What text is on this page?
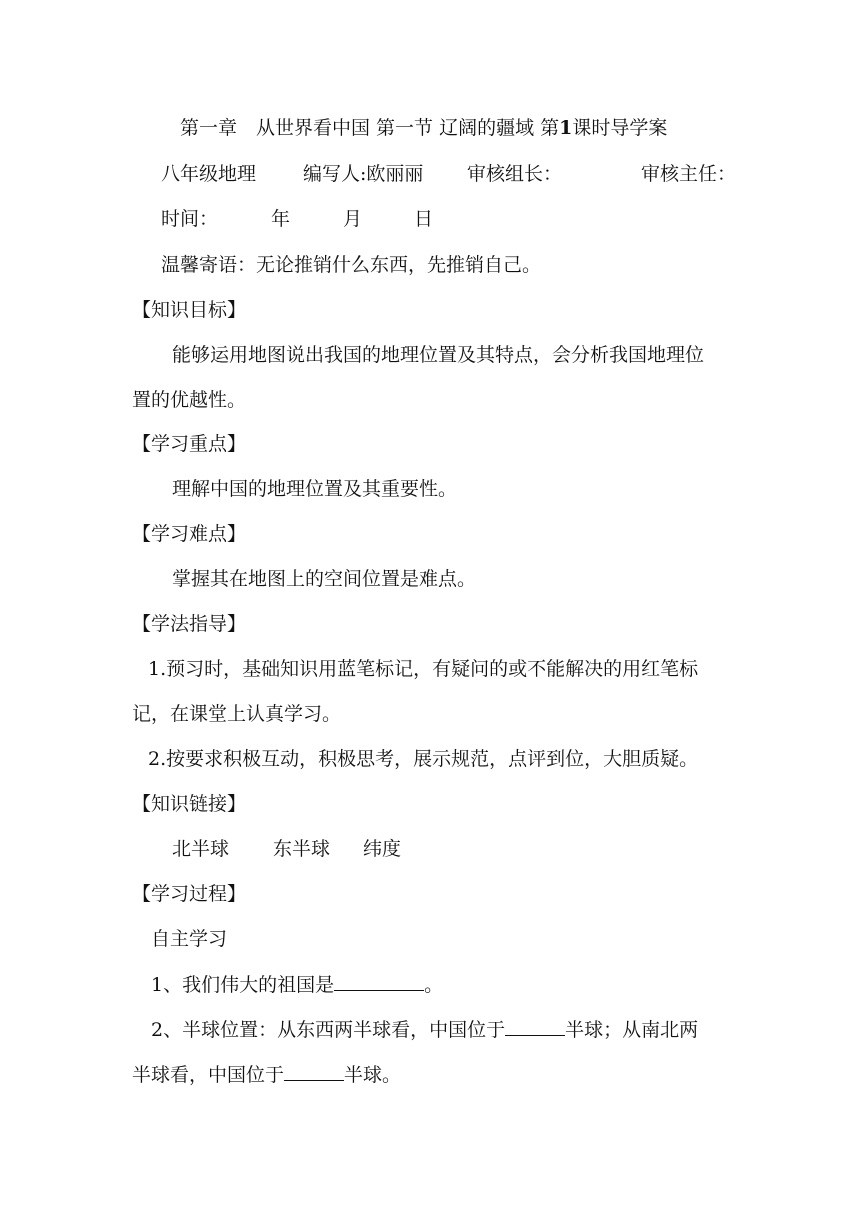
第一章　从世界看中国 第一节 辽阔的疆域 第1课时导学案
八年级地理 编写人:欧丽丽 审核组长：	审核主任：
时间：	年	月	日
温馨寄语：无论推销什么东西，先推销自己。
【知识目标】
能够运用地图说出我国的地理位置及其特点，会分析我国地理位
置的优越性。
【学习重点】
理解中国的地理位置及其重要性。
【学习难点】
掌握其在地图上的空间位置是难点。
【学法指导】
1.预习时，基础知识用蓝笔标记，有疑问的或不能解决的用红笔标
记，在课堂上认真学习。
2.按要求积极互动，积极思考，展示规范，点评到位，大胆质疑。
【知识链接】
北半球 东半球 纬度
【学习过程】
自主学习
1、我们伟大的祖国是	。
2、半球位置：从东西两半球看，中国位于	半球；从南北两
半球看，中国位于	半球。
